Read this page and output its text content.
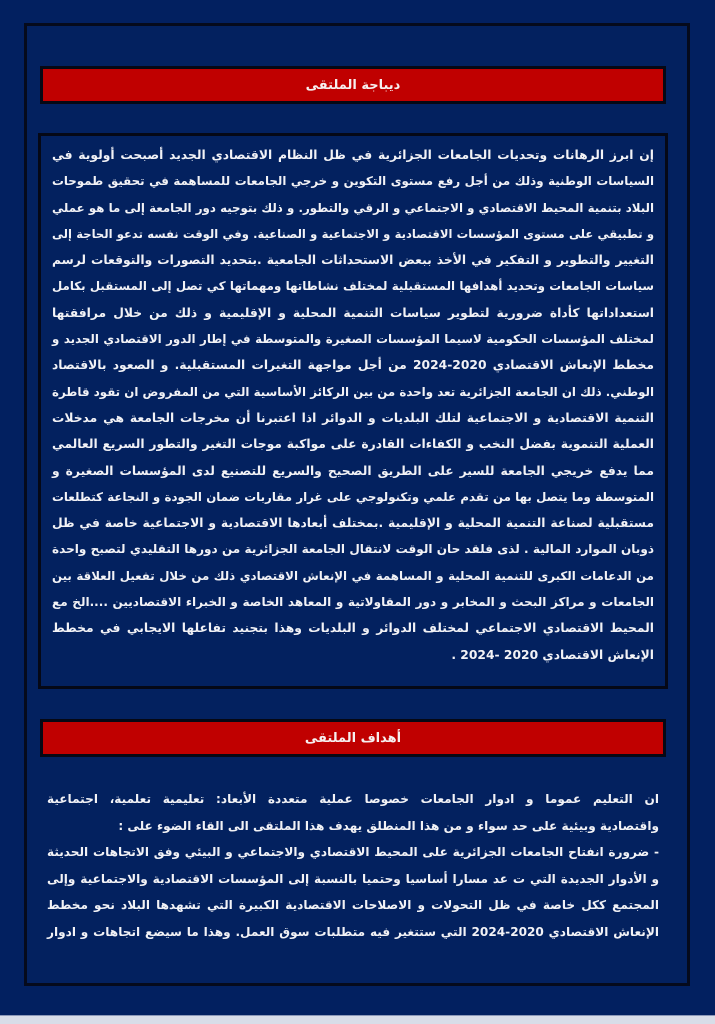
ديباجة الملتقى

إن ابرز الرهانات وتحديات الجامعات الجزائرية في ظل النظام الاقتصادي الجديد أصبحت أولوية في
السياسات الوطنية وذلك من أجل رفع مستوى التكوين و خرجي الجامعات للمساهمة في تحقيق طموحات
البلاد بتنمية المحيط الاقتصادي و الاجتماعي و الرقي والتطور. و ذلك بتوجيه دور الجامعة إلى ما هو عملي
و تطبيقي على مستوى المؤسسات الاقتصادية و الاجتماعية و الصناعية. وفي الوقت نفسه تدعو الحاجة إلى
التغيير والتطوير و التفكير في الأخذ ببعض الاستحداثات الجامعية .بتحديد التصورات والتوقعات لرسم
سياسات الجامعات وتحديد أهدافها المستقبلية لمختلف نشاطاتها ومهماتها كي تصل إلى المستقبل بكامل
استعداداتها كأداة ضرورية لتطوير سياسات التنمية المحلية و الإقليمية و ذلك من خلال مرافقتها
لمختلف المؤسسات الحكومية لاسيما المؤسسات الصغيرة والمتوسطة في إطار الدور الاقتصادي الجديد و
مخطط الإنعاش الاقتصادي 2020-2024 من أجل مواجهة التغيرات المستقبلية. و الصعود بالاقتصاد
الوطني. ذلك ان الجامعة الجزائرية تعد واحدة من بين الركائز الأساسية التي من المفروض ان تقود قاطرة
التنمية الاقتصادية و الاجتماعية لتلك البلديات و الدوائر اذا اعتبرنا أن مخرجات الجامعة هي مدخلات
العملية التنموية بفضل النخب و الكفاءات القادرة على مواكبة موجات التغير والتطور السريع العالمي
مما يدفع خريجي الجامعة للسير على الطريق الصحيح والسريع للتصنيع لدى المؤسسات الصغيرة و
المتوسطة وما يتصل بها من تقدم علمي وتكنولوجي على غرار مقاربات ضمان الجودة و النجاعة كتطلعات
مستقبلية لصناعة التنمية المحلية و الإقليمية .بمختلف أبعادها الاقتصادية و الاجتماعية خاصة في ظل
ذوبان الموارد المالية . لذى فلقد حان الوقت لانتقال الجامعة الجزائرية من دورها التقليدي لتصبح واحدة
من الدعامات الكبرى للتنمية المحلية و المساهمة في الإنعاش الاقتصادي ذلك من خلال تفعيل العلاقة بين
الجامعات و مراكز البحث و المخابر و دور المقاولاتية و المعاهد الخاصة و الخبراء الاقتصاديين ....الخ مع
المحيط الاقتصادي الاجتماعي لمختلف الدوائر و البلديات وهذا بتجنيد تفاعلها الايجابي في مخطط
الإنعاش الاقتصادي 2020 -2024 .

أهداف الملتقى

ان التعليم عموما و ادوار الجامعات خصوصا عملية متعددة الأبعاد: تعليمية تعلمية، اجتماعية
واقتصادية وبيئية على حد سواء و من هذا المنطلق يهدف هذا الملتقى الى القاء الضوء على :
- ضرورة انفتاح الجامعات الجزائرية على المحيط الاقتصادي والاجتماعي و البيئي وفق الاتجاهات الحديثة
و الأدوار الجديدة التي ت عد مسارا أساسيا وحتميا بالنسبة إلى المؤسسات الاقتصادية والاجتماعية وإلى
المجتمع ككل خاصة في ظل التحولات و الاصلاحات الاقتصادية الكبيرة التي تشهدها البلاد نحو مخطط
الإنعاش الاقتصادي 2020-2024 التي ستتغير فيه متطلبات سوق العمل. وهذا ما سيضع اتجاهات و ادوار
